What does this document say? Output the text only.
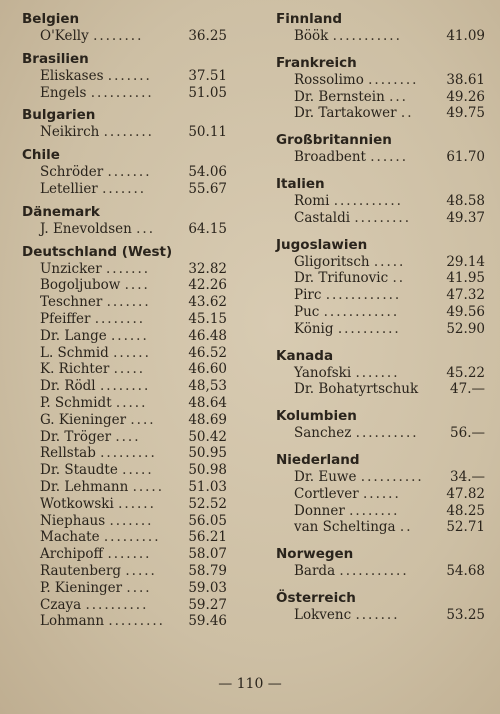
Belgien
O'Kelly ........	36.25
Brasilien
Eliskases .......	37.51
Engels ..........	51.05
Bulgarien
Neikirch ........	50.11
Chile
Schröder .......	54.06
Letellier .......	55.67
Dänemark
J. Enevoldsen ... 64.15
Deutschland (West)
Unzicker .......	32.82
Bogoljubow ....	42.26
Teschner .......	43.62
Pfeiffer ........	45.15
Dr. Lange ......	46.48
L. Schmid ......	46.52
K. Richter .....	46.60
Dr. Rödl ........	48,53
P. Schmidt .....	48.64
G. Kieninger .... 48.69
Dr. Tröger ....	50.42
Rellstab ......... 50.95
Dr. Staudte .....	50.98
Dr. Lehmann ..... 51.03
Wotkowski ...... 52.52
Niephaus .......	56.05
Machate ......... 56.21
Archipoff .......	58.07
Rautenberg ..... 58.79
P. Kieninger ....	59.03
Czaya ..........	59.27
Lohmann ......... 59.46
Finnland
Böök ...........	41.09
Frankreich
Rossolimo ........ 38.61
Dr. Bernstein ...	49.26
Dr. Tartakower .. 49.75
Großbritannien
Broadbent ......	61.70
Italien
Romi ...........	48.58
Castaldi .........	49.37
Jugoslawien
Gligoritsch .....	29.14
Dr. Trifunovic ..	41.95
Pirc ............	47.32
Puc ............	49.56
König ..........	52.90
Kanada
Yanofski .......	45.22
Dr. Bohatyrtschuk 47.—
Kolumbien
Sanchez .......... 56.—
Niederland
Dr. Euwe .......... 34.—
Cortlever ......	47.82
Donner ........	48.25
van Scheltinga ..	52.71
Norwegen
Barda ...........	54.68
Österreich
Lokvenc .......	53.25
— 110 —
